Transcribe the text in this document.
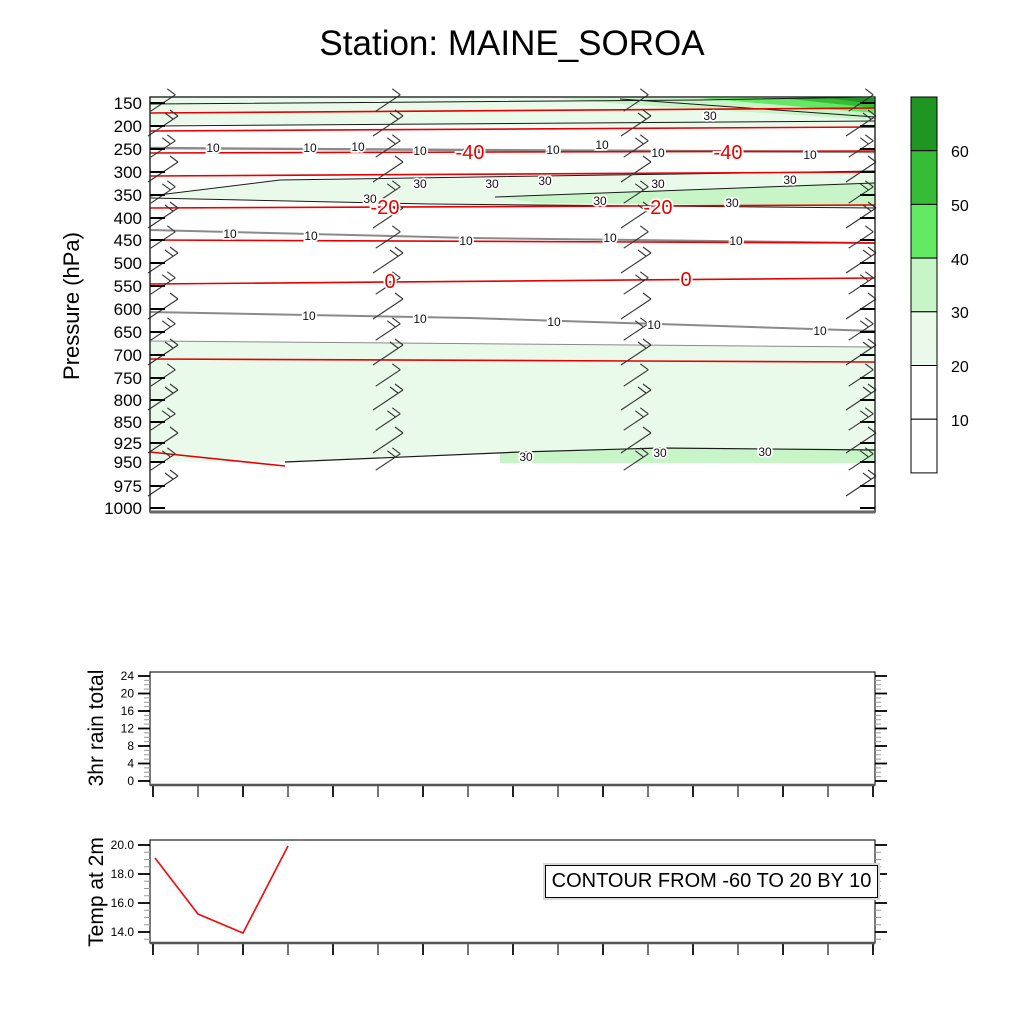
Station: MAINE_SOROA
Pressure (hPa)
3hr rain total
Temp at 2m
150
200
250
300
350
400
450
500
550
600
650
700
750
800
850
925
950
975
1000
10	10	10	10	10	10
10	10
30
30	30	30	30	30
30	30	30
10	10	10	10	10
10	10	10	10	10
30	30	30
-40	-40
-20	-20
0	0
60
50
40
30
20
10
0
4
8
12
16
20
24
20.0
18.0
16.0
14.0
CONTOUR FROM -60 TO 20 BY 10
